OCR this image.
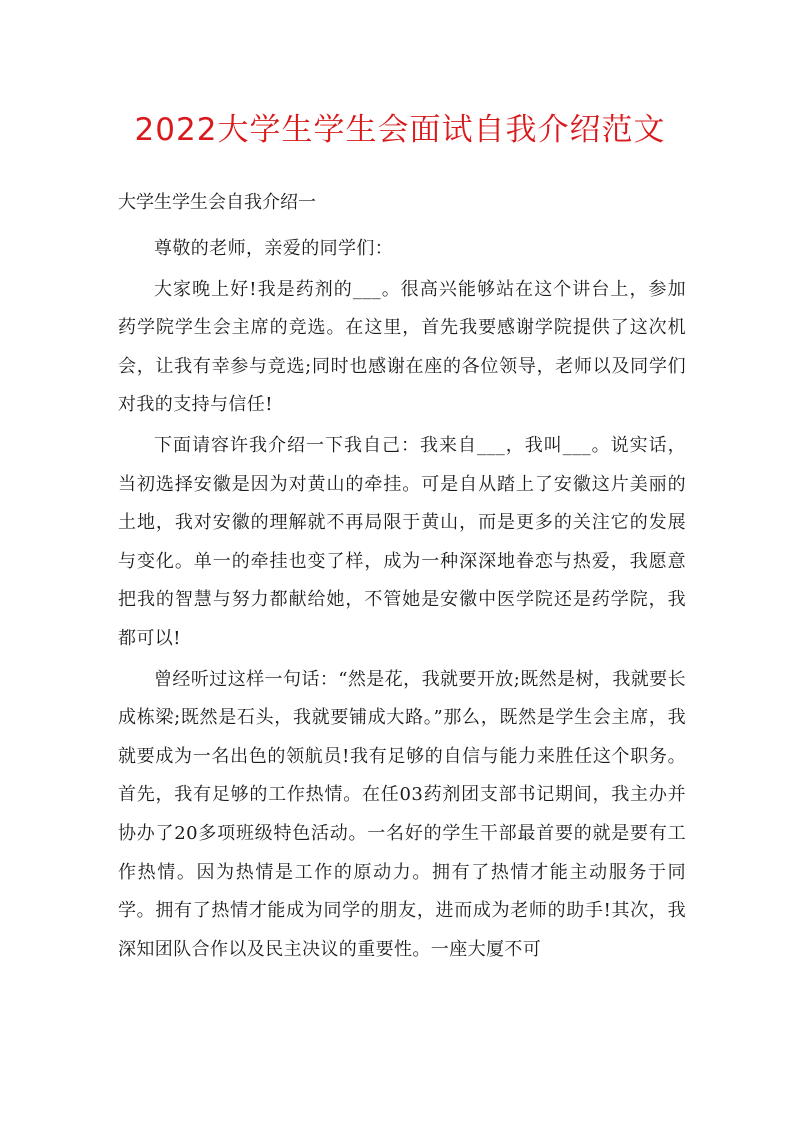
2022大学生学生会面试自我介绍范文
大学生学生会自我介绍一

尊敬的老师，亲爱的同学们：

大家晚上好!我是药剂的___。很高兴能够站在这个讲台上，参加药学院学生会主席的竞选。在这里，首先我要感谢学院提供了这次机会，让我有幸参与竞选;同时也感谢在座的各位领导，老师以及同学们对我的支持与信任!

下面请容许我介绍一下我自己：我来自___，我叫___。说实话，当初选择安徽是因为对黄山的牵挂。可是自从踏上了安徽这片美丽的土地，我对安徽的理解就不再局限于黄山，而是更多的关注它的发展与变化。单一的牵挂也变了样，成为一种深深地眷恋与热爱，我愿意把我的智慧与努力都献给她，不管她是安徽中医学院还是药学院，我都可以!

曾经听过这样一句话：“然是花，我就要开放;既然是树，我就要长成栋梁;既然是石头，我就要铺成大路。”那么，既然是学生会主席，我就要成为一名出色的领航员!我有足够的自信与能力来胜任这个职务。首先，我有足够的工作热情。在任03药剂团支部书记期间，我主办并协办了20多项班级特色活动。一名好的学生干部最首要的就是要有工作热情。因为热情是工作的原动力。拥有了热情才能主动服务于同学。拥有了热情才能成为同学的朋友，进而成为老师的助手!其次，我深知团队合作以及民主决议的重要性。一座大厦不可
